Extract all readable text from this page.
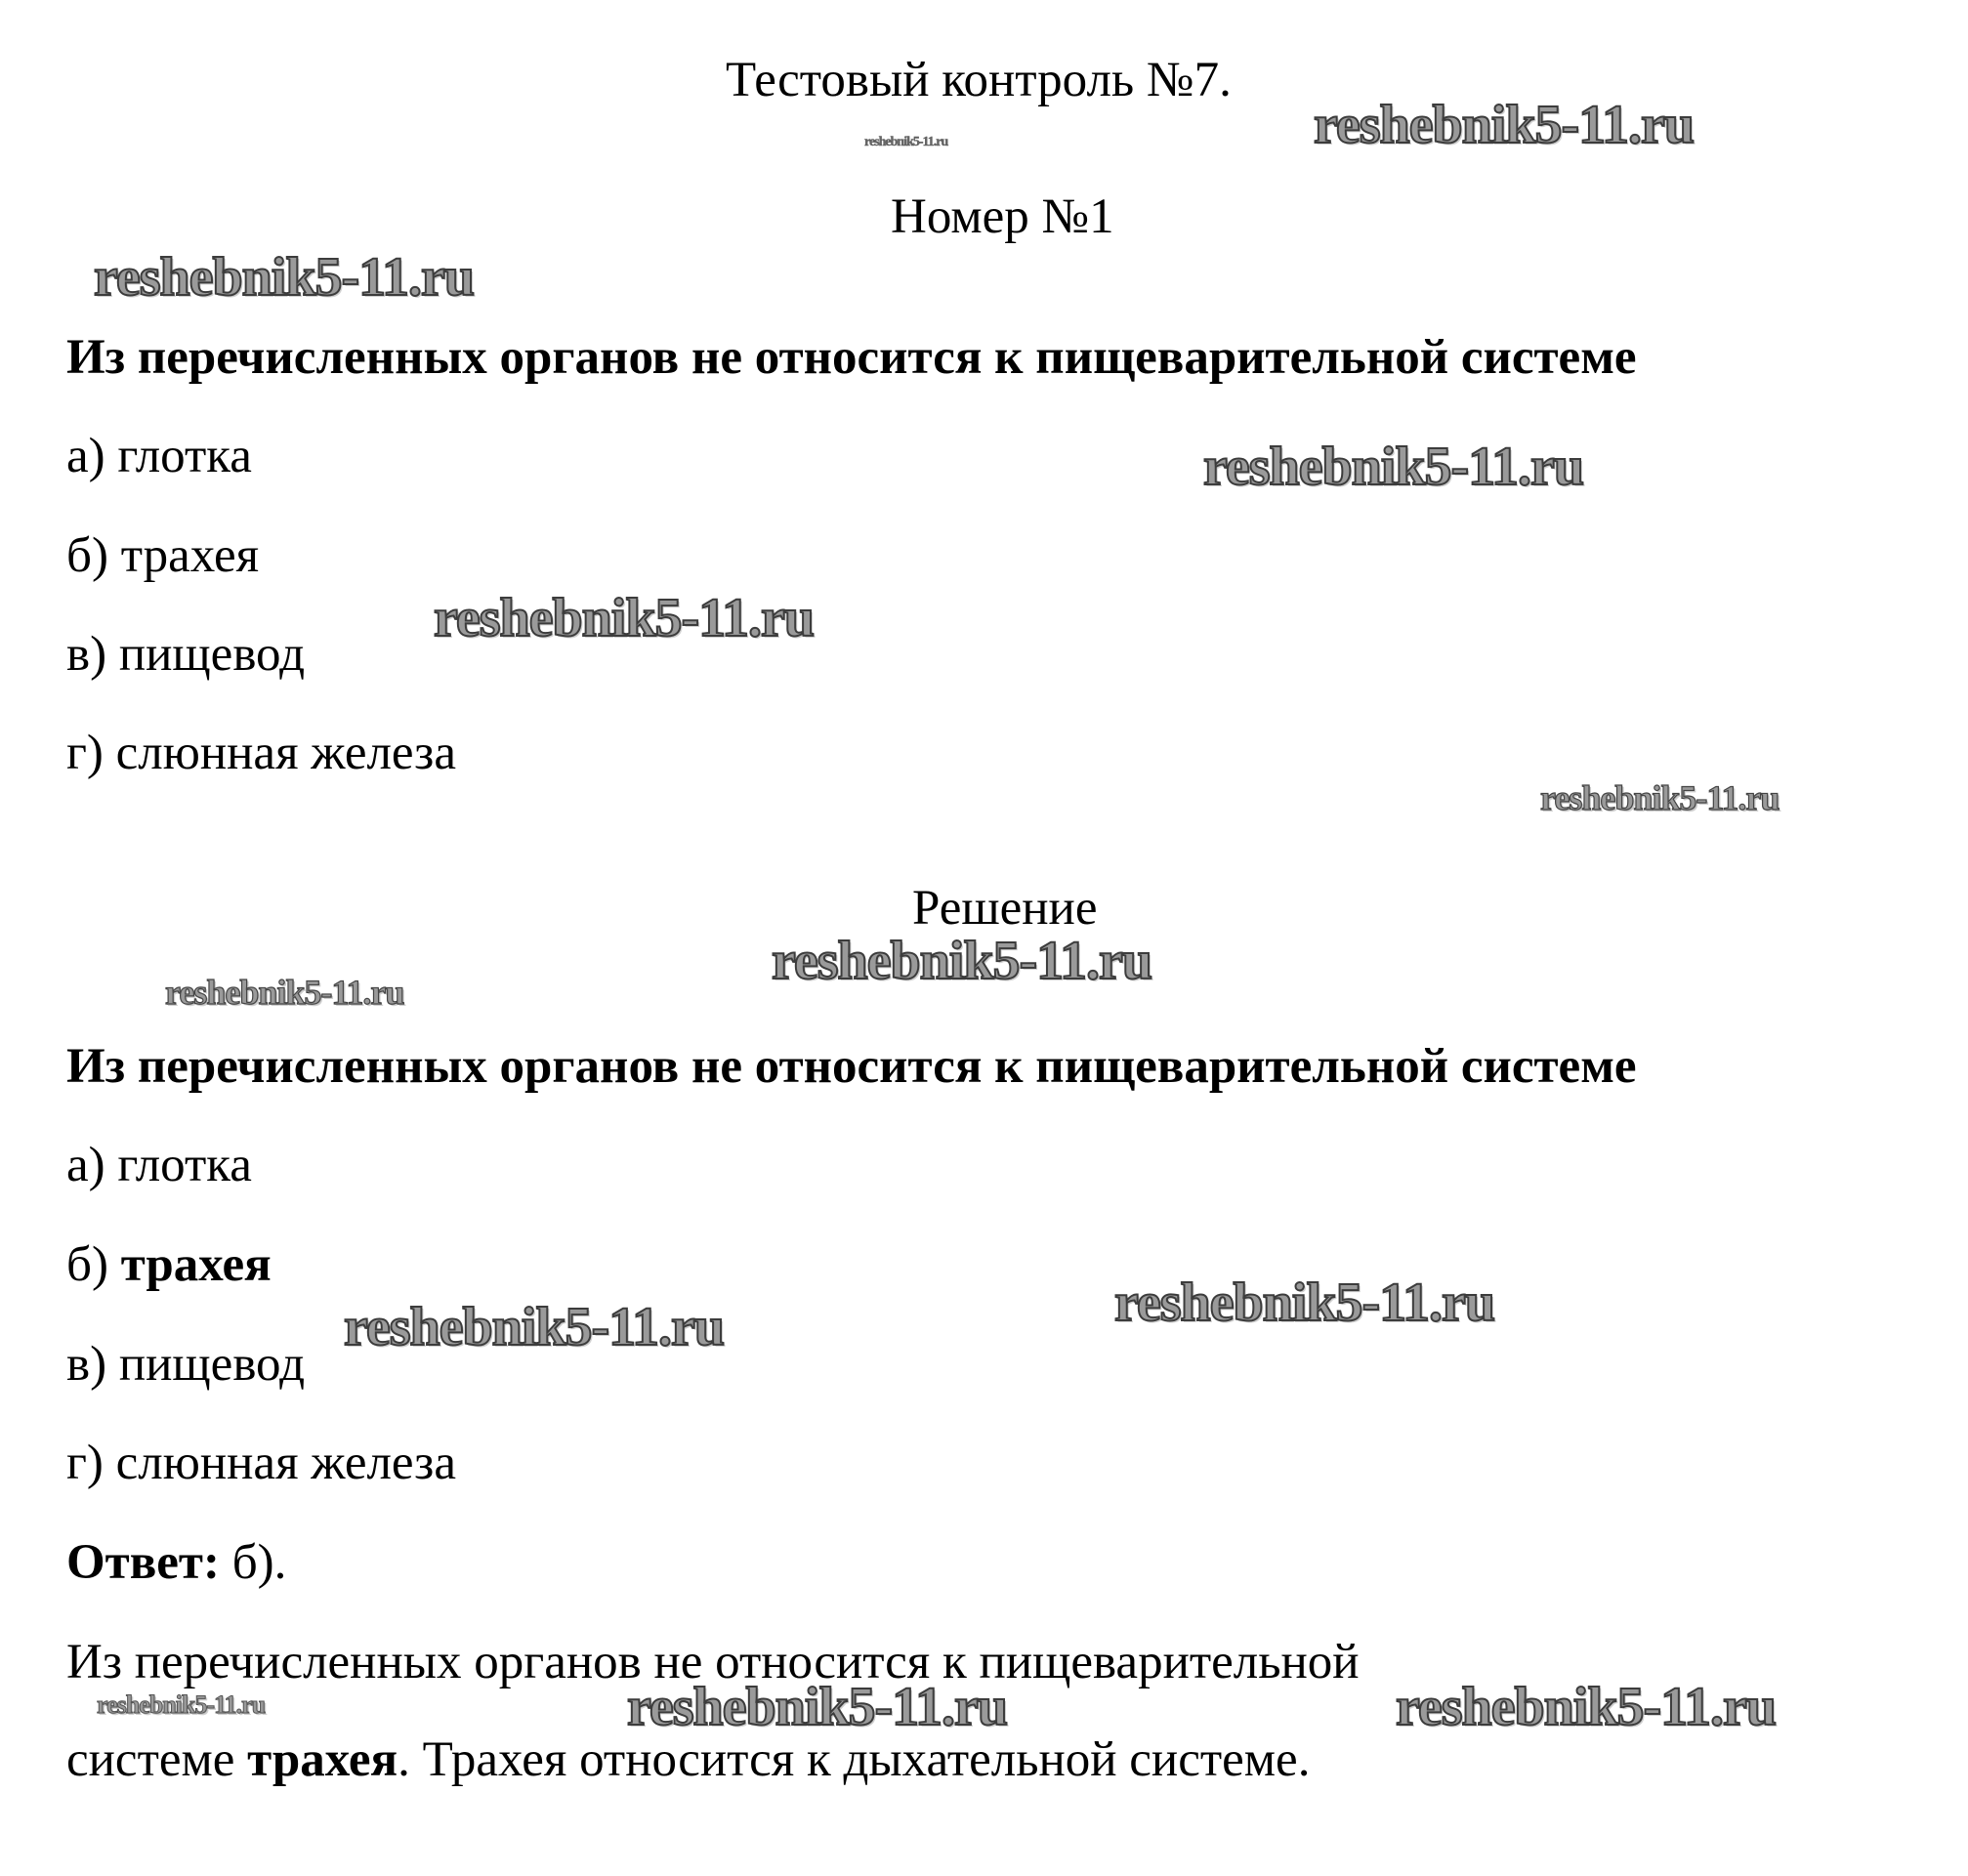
Тестовый контроль №7.
Номер №1
Из перечисленных органов не относится к пищеварительной системе
а) глотка
б) трахея
в) пищевод
г) слюнная железа
Решение
Из перечисленных органов не относится к пищеварительной системе
а) глотка
б) трахея
в) пищевод
г) слюнная железа
Ответ: б).
Из перечисленных органов не относится к пищеварительной
системе трахея. Трахея относится к дыхательной системе.
reshebnik5-11.ru
reshebnik5-11.ru
reshebnik5-11.ru
reshebnik5-11.ru
reshebnik5-11.ru
reshebnik5-11.ru
reshebnik5-11.ru
reshebnik5-11.ru
reshebnik5-11.ru
reshebnik5-11.ru
reshebnik5-11.ru	reshebnik5-11.ru	reshebnik5-11.ru
